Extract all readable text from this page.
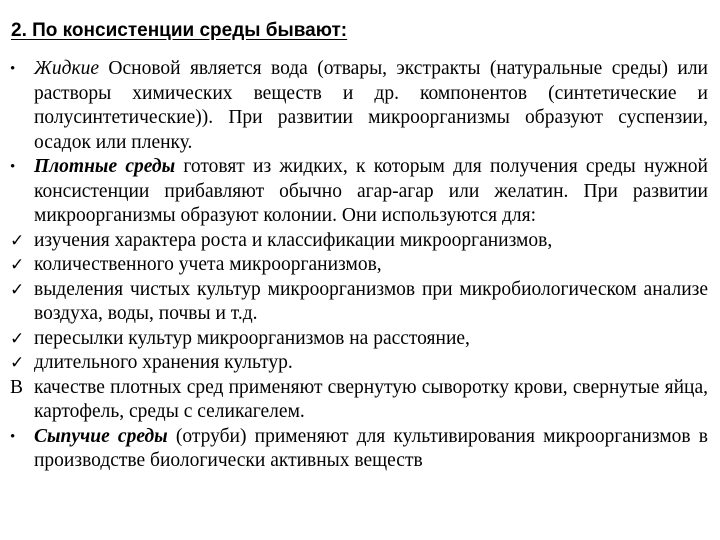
2. По консистенции среды бывают:
• Жидкие Основой является вода (отвары, экстракты (натуральные среды) или растворы химических веществ и др. компонентов (синтетические и полусинтетические)). При развитии микроорганизмы образуют суспензии, осадок или пленку.
• Плотные среды готовят из жидких, к которым для получения среды нужной консистенции прибавляют обычно агар-агар или желатин. При развитии микроорганизмы образуют колонии. Они используются для:
✓ изучения характера роста и классификации микроорганизмов,
✓ количественного учета микроорганизмов,
✓ выделения чистых культур микроорганизмов при микробиологическом анализе воздуха, воды, почвы и т.д.
✓ пересылки культур микроорганизмов на расстояние,
✓ длительного хранения культур.
В качестве плотных сред применяют свернутую сыворотку крови, свернутые яйца, картофель, среды с селикагелем.
• Сыпучие среды (отруби) применяют для культивирования микроорганизмов в производстве биологически активных веществ
